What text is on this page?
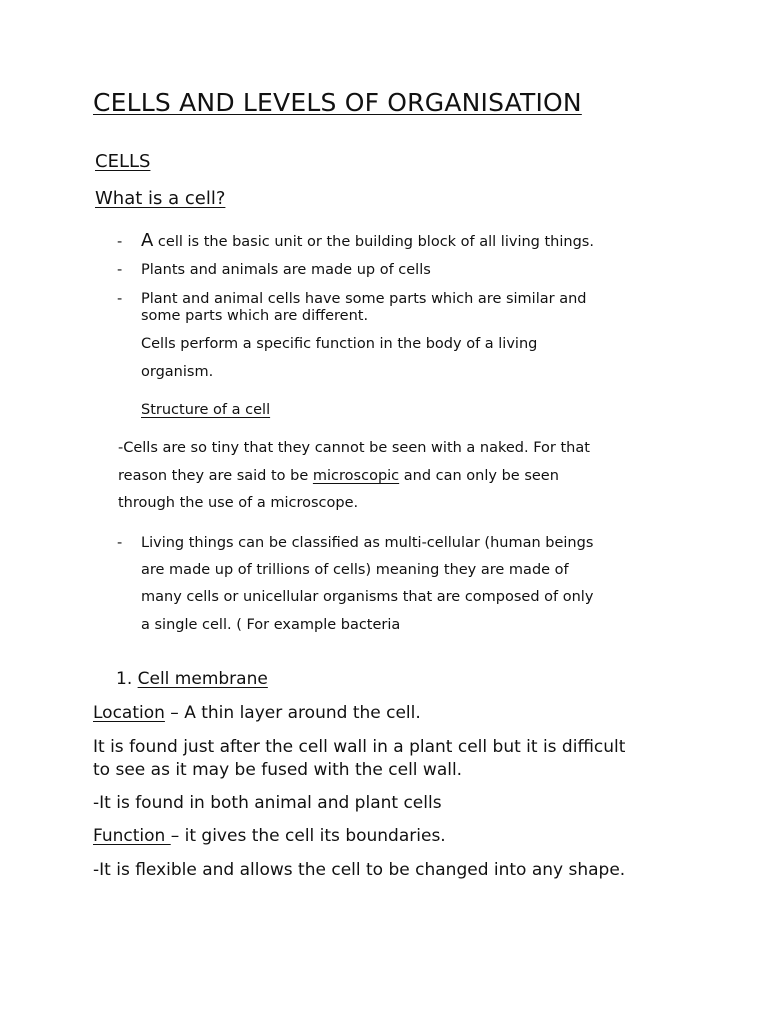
CELLS AND LEVELS OF ORGANISATION
CELLS
What is a cell?
- A cell is the basic unit or the building block of all living things.
- Plants and animals are made up of cells
- Plant and animal cells have some parts which are similar and
some parts which are different.
Cells perform a specific function in the body of a living
organism.
Structure of a cell
-Cells are so tiny that they cannot be seen with a naked. For that
reason they are said to be microscopic and can only be seen
through the use of a microscope.
- Living things can be classified as multi-cellular (human beings
are made up of trillions of cells) meaning they are made of
many cells or unicellular organisms that are composed of only
a single cell. ( For example bacteria
1. Cell membrane
Location – A thin layer around the cell.
It is found just after the cell wall in a plant cell but it is difficult
to see as it may be fused with the cell wall.
-It is found in both animal and plant cells
Function – it gives the cell its boundaries.
-It is flexible and allows the cell to be changed into any shape.
